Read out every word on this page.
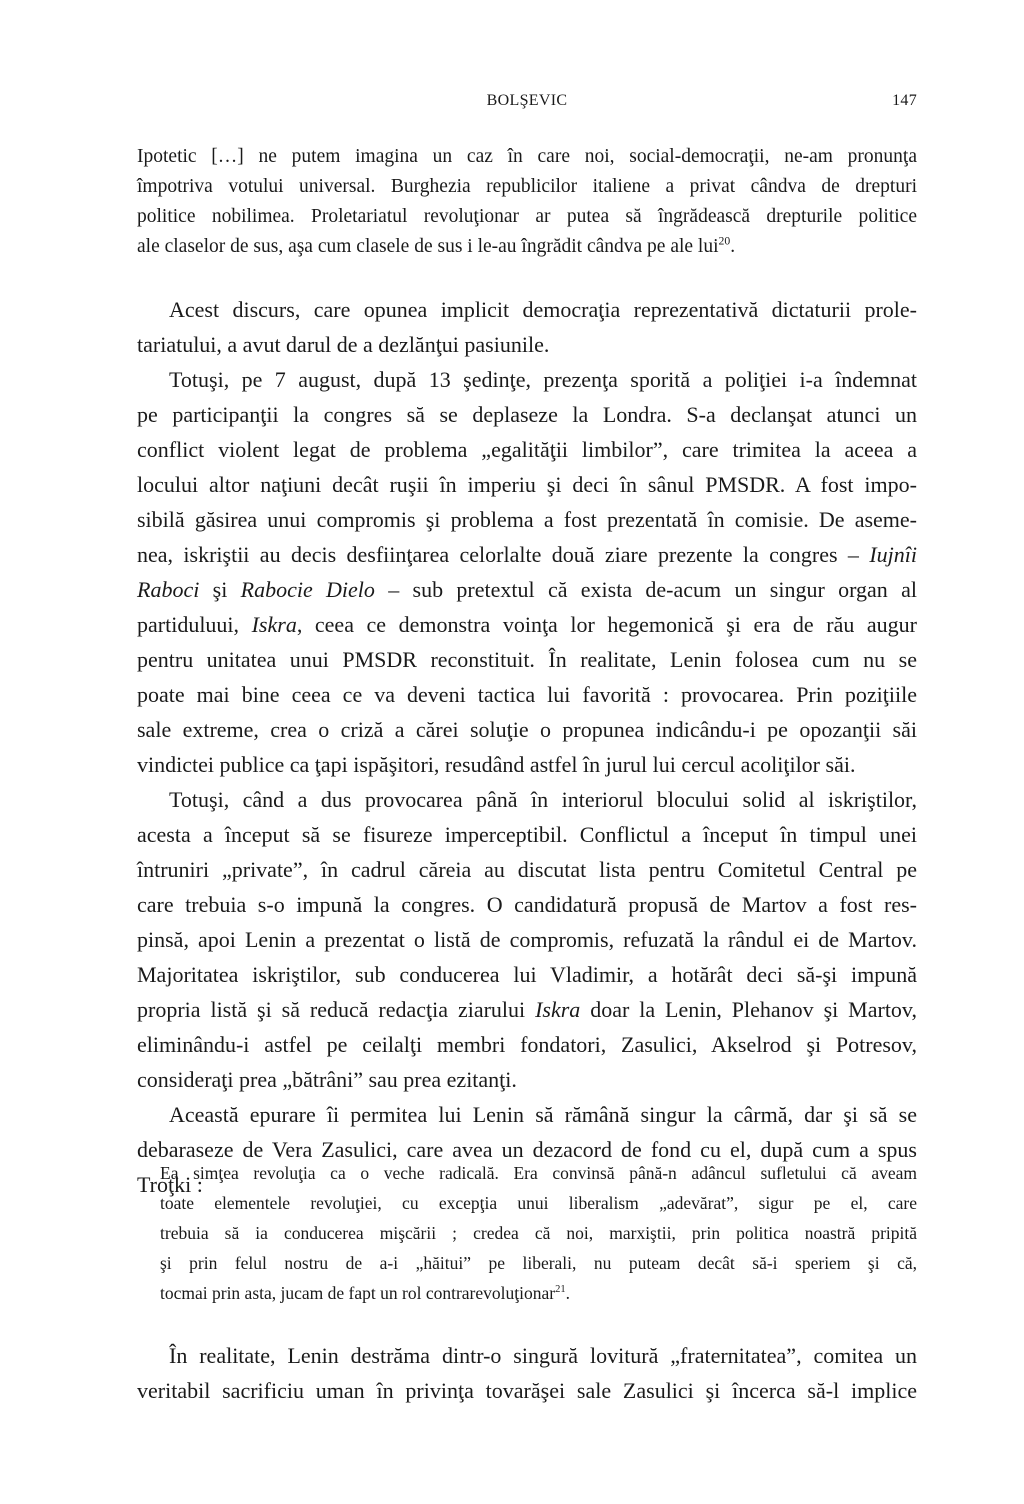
BOLŞEVIC	147
Ipotetic […] ne putem imagina un caz în care noi, social-democraţii, ne-am pronunţa
împotriva votului universal. Burghezia republicilor italiene a privat cândva de drepturi
politice nobilimea. Proletariatul revoluţionar ar putea să îngrădească drepturile politice
ale claselor de sus, aşa cum clasele de sus i le-au îngrădit cândva pe ale lui$^{20}$.
Acest discurs, care opunea implicit democraţia reprezentativă dictaturii prole-
tariatului, a avut darul de a dezlănţui pasiunile.
Totuşi, pe 7 august, după 13 şedinţe, prezenţa sporită a poliţiei i-a îndemnat
pe participanţii la congres să se deplaseze la Londra. S-a declanşat atunci un
conflict violent legat de problema „egalităţii limbilor”, care trimitea la aceea a
locului altor naţiuni decât ruşii în imperiu şi deci în sânul PMSDR. A fost impo-
sibilă găsirea unui compromis şi problema a fost prezentată în comisie. De aseme-
nea, iskriştii au decis desfiinţarea celorlalte două ziare prezente la congres – Iujnîi
Raboci şi Rabocie Dielo – sub pretextul că exista de-acum un singur organ al
partiduluui, Iskra, ceea ce demonstra voinţa lor hegemonică şi era de rău augur
pentru unitatea unui PMSDR reconstituit. În realitate, Lenin folosea cum nu se
poate mai bine ceea ce va deveni tactica lui favorită : provocarea. Prin poziţiile
sale extreme, crea o criză a cărei soluţie o propunea indicându-i pe opozanţii săi
vindictei publice ca ţapi ispăşitori, resudând astfel în jurul lui cercul acoliţilor săi.
Totuşi, când a dus provocarea până în interiorul blocului solid al iskriştilor,
acesta a început să se fisureze imperceptibil. Conflictul a început în timpul unei
întruniri „private”, în cadrul căreia au discutat lista pentru Comitetul Central pe
care trebuia s-o impună la congres. O candidatură propusă de Martov a fost res-
pinsă, apoi Lenin a prezentat o listă de compromis, refuzată la rândul ei de Martov.
Majoritatea iskriştilor, sub conducerea lui Vladimir, a hotărât deci să-şi impună
propria listă şi să reducă redacţia ziarului Iskra doar la Lenin, Plehanov şi Martov,
eliminându-i astfel pe ceilalţi membri fondatori, Zasulici, Akselrod şi Potresov,
consideraţi prea „bătrâni” sau prea ezitanţi.
Această epurare îi permitea lui Lenin să rămână singur la cârmă, dar şi să se
debaraseze de Vera Zasulici, care avea un dezacord de fond cu el, după cum a spus
Troţki :
Ea simţea revoluţia ca o veche radicală. Era convinsă până-n adâncul sufletului că aveam
toate elementele revoluţiei, cu excepţia unui liberalism „adevărat”, sigur pe el, care
trebuia să ia conducerea mişcării ; credea că noi, marxiştii, prin politica noastră pripită
şi prin felul nostru de a-i „hăitui” pe liberali, nu puteam decât să-i speriem şi că,
tocmai prin asta, jucam de fapt un rol contrarevoluţionar$^{21}$.
În realitate, Lenin destrăma dintr-o singură lovitură „fraternitatea”, comitea un
veritabil sacrificiu uman în privinţa tovarăşei sale Zasulici şi încerca să-l implice
